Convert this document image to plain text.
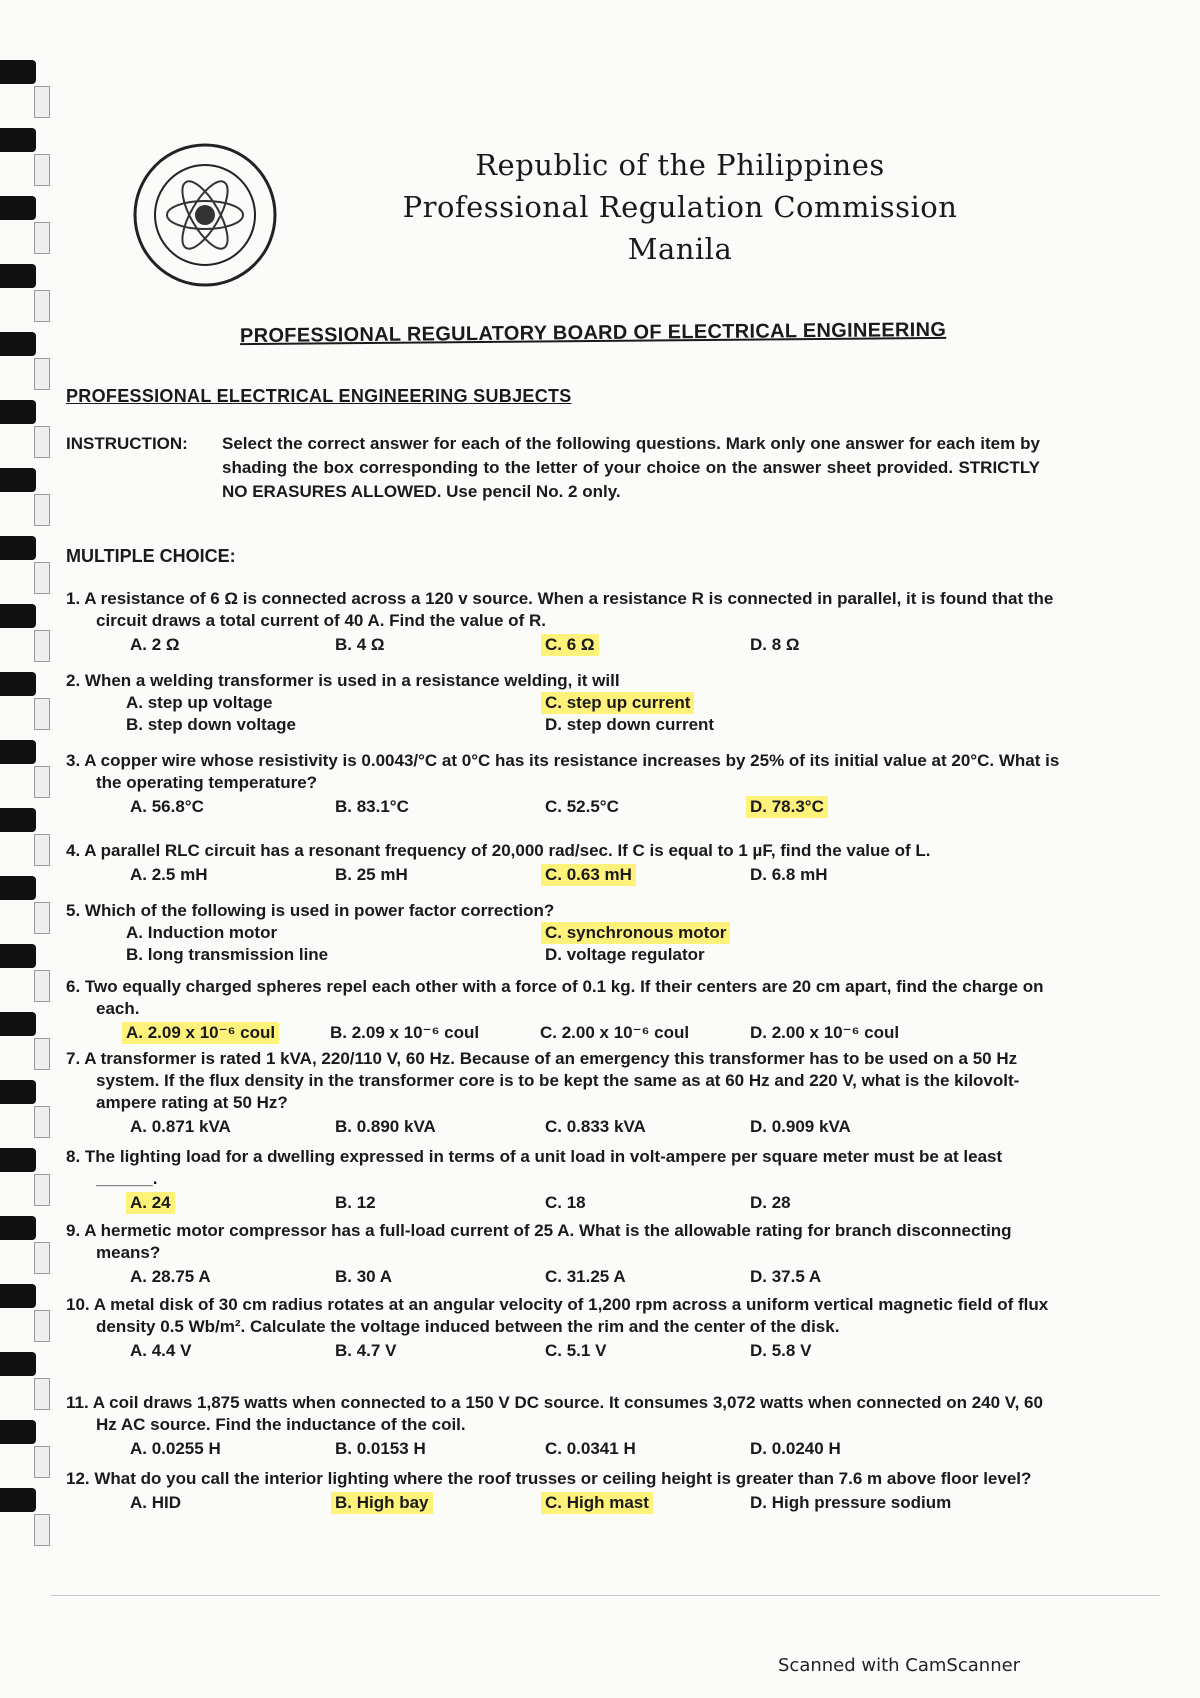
Republic of the Philippines
Professional Regulation Commission
Manila
PROFESSIONAL REGULATORY BOARD OF ELECTRICAL ENGINEERING
PROFESSIONAL ELECTRICAL ENGINEERING SUBJECTS
INSTRUCTION: Select the correct answer for each of the following questions. Mark only one answer for each item by shading the box corresponding to the letter of your choice on the answer sheet provided. STRICTLY NO ERASURES ALLOWED. Use pencil No. 2 only.
MULTIPLE CHOICE:
1. A resistance of 6 Ω is connected across a 120 v source. When a resistance R is connected in parallel, it is found that the circuit draws a total current of 40 A. Find the value of R.
A. 2 Ω	B. 4 Ω	C. 6 Ω	D. 8 Ω
2. When a welding transformer is used in a resistance welding, it will
A. step up voltage	C. step up current
B. step down voltage	D. step down current
3. A copper wire whose resistivity is 0.0043/°C at 0°C has its resistance increases by 25% of its initial value at 20°C. What is the operating temperature?
A. 56.8°C	B. 83.1°C	C. 52.5°C	D. 78.3°C
4. A parallel RLC circuit has a resonant frequency of 20,000 rad/sec. If C is equal to 1 µF, find the value of L.
A. 2.5 mH	B. 25 mH	C. 0.63 mH	D. 6.8 mH
5. Which of the following is used in power factor correction?
A. Induction motor	C. synchronous motor
B. long transmission line	D. voltage regulator
6. Two equally charged spheres repel each other with a force of 0.1 kg. If their centers are 20 cm apart, find the charge on each.
A. 2.09 x 10⁻⁶ coul	B. 2.09 x 10⁻⁶ coul	C. 2.00 x 10⁻⁶ coul	D. 2.00 x 10⁻⁶ coul
7. A transformer is rated 1 kVA, 220/110 V, 60 Hz. Because of an emergency this transformer has to be used on a 50 Hz system. If the flux density in the transformer core is to be kept the same as at 60 Hz and 220 V, what is the kilovolt-ampere rating at 50 Hz?
A. 0.871 kVA	B. 0.890 kVA	C. 0.833 kVA	D. 0.909 kVA
8. The lighting load for a dwelling expressed in terms of a unit load in volt-ampere per square meter must be at least ______.
A. 24	B. 12	C. 18	D. 28
9. A hermetic motor compressor has a full-load current of 25 A. What is the allowable rating for branch disconnecting means?
A. 28.75 A	B. 30 A	C. 31.25 A	D. 37.5 A
10. A metal disk of 30 cm radius rotates at an angular velocity of 1,200 rpm across a uniform vertical magnetic field of flux density 0.5 Wb/m². Calculate the voltage induced between the rim and the center of the disk.
A. 4.4 V	B. 4.7 V	C. 5.1 V	D. 5.8 V
11. A coil draws 1,875 watts when connected to a 150 V DC source. It consumes 3,072 watts when connected on 240 V, 60 Hz AC source. Find the inductance of the coil.
A. 0.0255 H	B. 0.0153 H	C. 0.0341 H	D. 0.0240 H
12. What do you call the interior lighting where the roof trusses or ceiling height is greater than 7.6 m above floor level?
A. HID	B. High bay	C. High mast	D. High pressure sodium
Scanned with CamScanner
